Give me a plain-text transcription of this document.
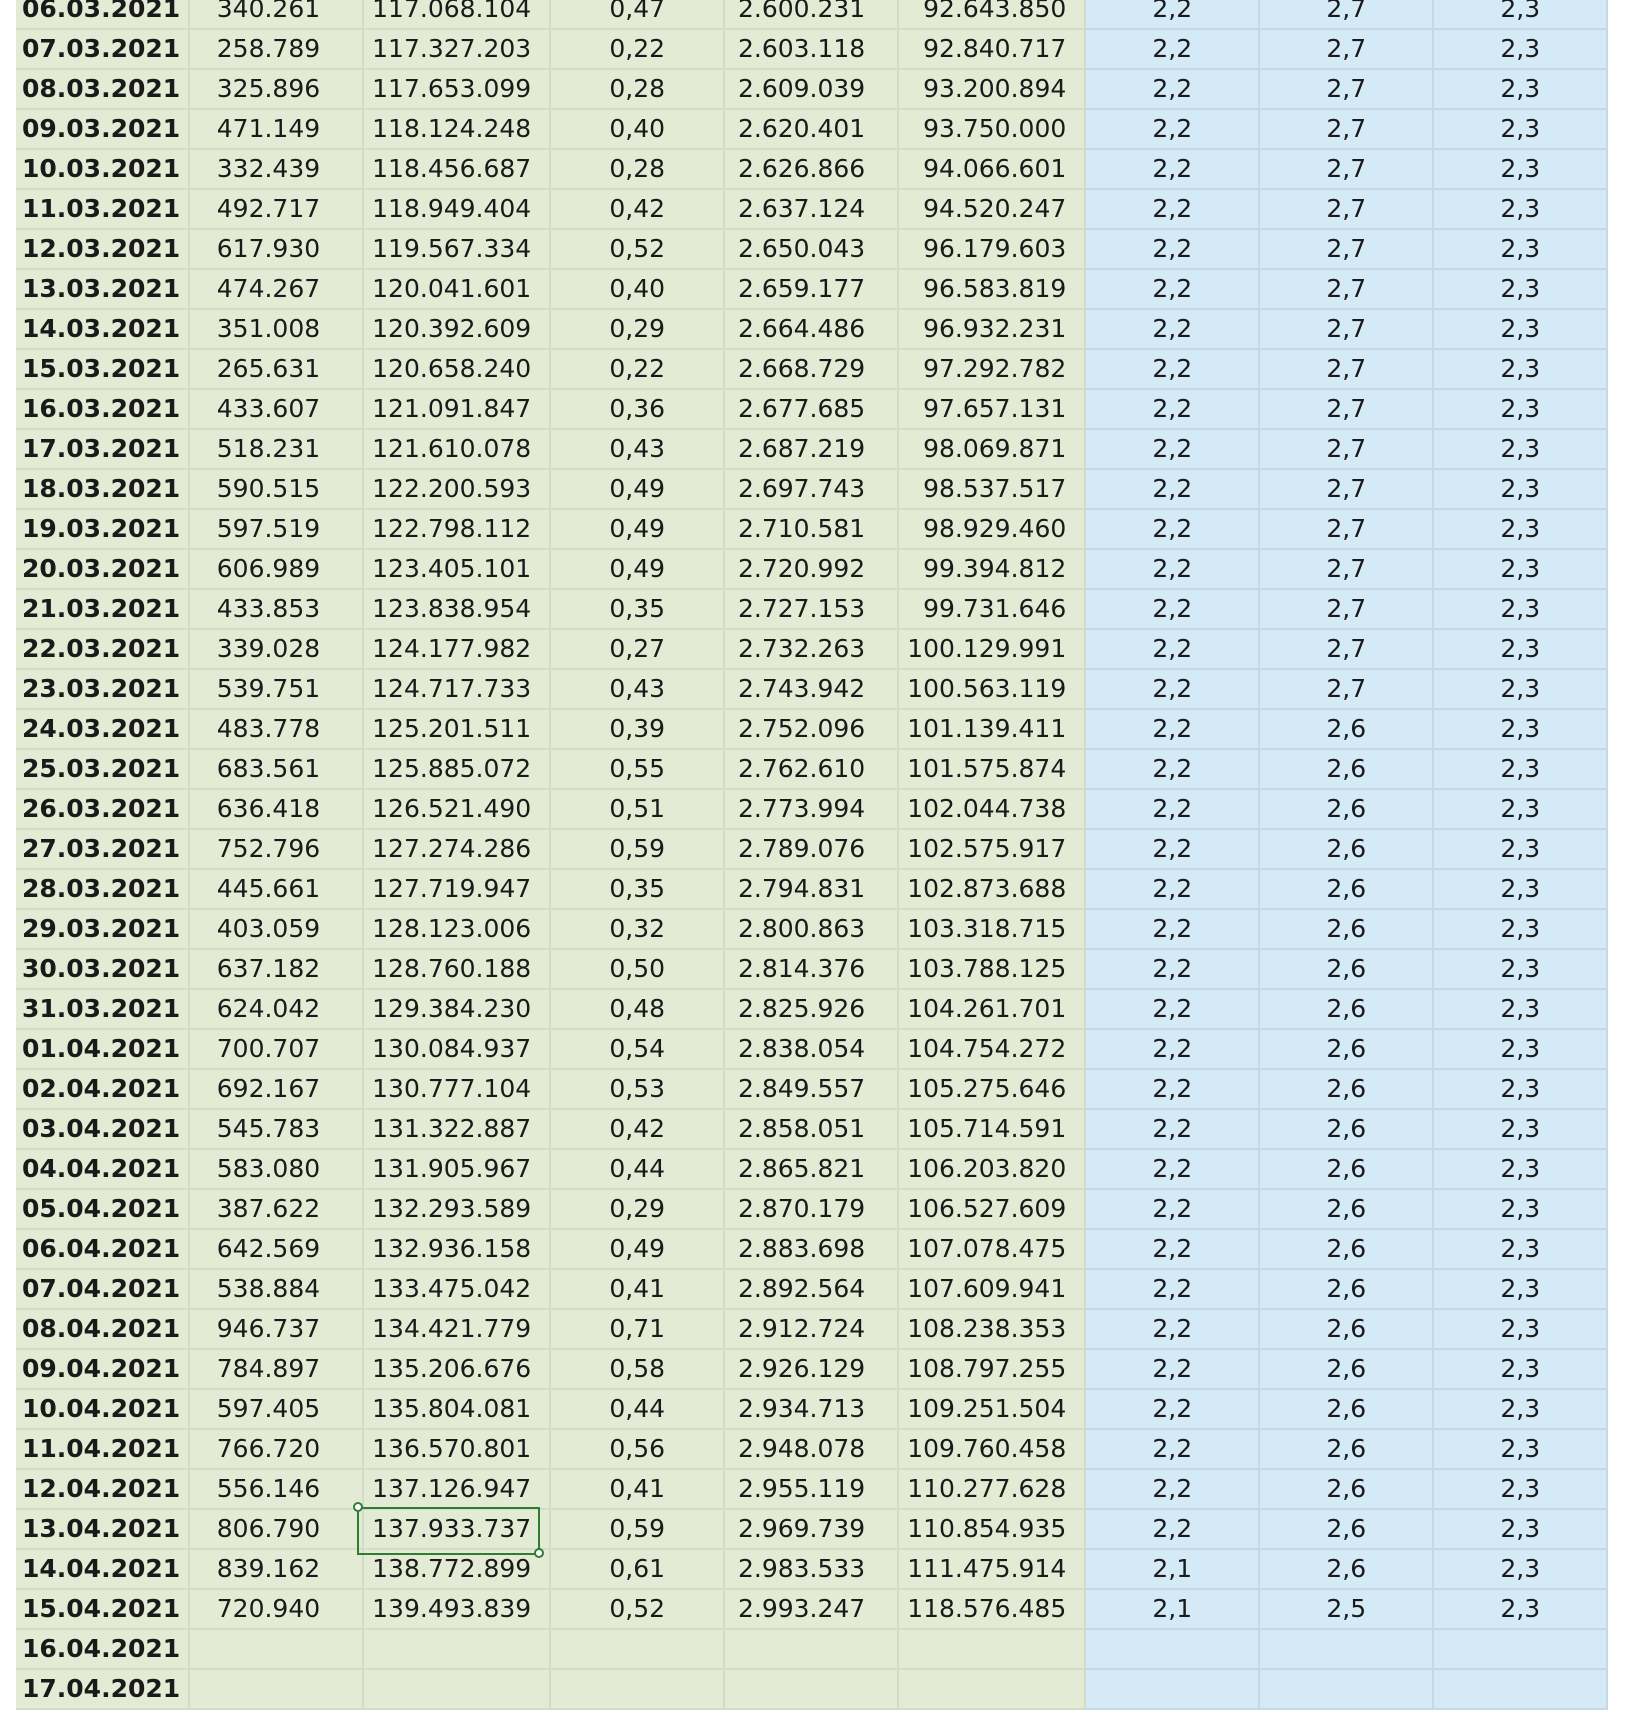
06.03.2021	340.261	117.068.104	0,47	2.600.231	92.643.850	2,2	2,7	2,3
07.03.2021	258.789	117.327.203	0,22	2.603.118	92.840.717	2,2	2,7	2,3
08.03.2021	325.896	117.653.099	0,28	2.609.039	93.200.894	2,2	2,7	2,3
09.03.2021	471.149	118.124.248	0,40	2.620.401	93.750.000	2,2	2,7	2,3
10.03.2021	332.439	118.456.687	0,28	2.626.866	94.066.601	2,2	2,7	2,3
11.03.2021	492.717	118.949.404	0,42	2.637.124	94.520.247	2,2	2,7	2,3
12.03.2021	617.930	119.567.334	0,52	2.650.043	96.179.603	2,2	2,7	2,3
13.03.2021	474.267	120.041.601	0,40	2.659.177	96.583.819	2,2	2,7	2,3
14.03.2021	351.008	120.392.609	0,29	2.664.486	96.932.231	2,2	2,7	2,3
15.03.2021	265.631	120.658.240	0,22	2.668.729	97.292.782	2,2	2,7	2,3
16.03.2021	433.607	121.091.847	0,36	2.677.685	97.657.131	2,2	2,7	2,3
17.03.2021	518.231	121.610.078	0,43	2.687.219	98.069.871	2,2	2,7	2,3
18.03.2021	590.515	122.200.593	0,49	2.697.743	98.537.517	2,2	2,7	2,3
19.03.2021	597.519	122.798.112	0,49	2.710.581	98.929.460	2,2	2,7	2,3
20.03.2021	606.989	123.405.101	0,49	2.720.992	99.394.812	2,2	2,7	2,3
21.03.2021	433.853	123.838.954	0,35	2.727.153	99.731.646	2,2	2,7	2,3
22.03.2021	339.028	124.177.982	0,27	2.732.263	100.129.991	2,2	2,7	2,3
23.03.2021	539.751	124.717.733	0,43	2.743.942	100.563.119	2,2	2,7	2,3
24.03.2021	483.778	125.201.511	0,39	2.752.096	101.139.411	2,2	2,6	2,3
25.03.2021	683.561	125.885.072	0,55	2.762.610	101.575.874	2,2	2,6	2,3
26.03.2021	636.418	126.521.490	0,51	2.773.994	102.044.738	2,2	2,6	2,3
27.03.2021	752.796	127.274.286	0,59	2.789.076	102.575.917	2,2	2,6	2,3
28.03.2021	445.661	127.719.947	0,35	2.794.831	102.873.688	2,2	2,6	2,3
29.03.2021	403.059	128.123.006	0,32	2.800.863	103.318.715	2,2	2,6	2,3
30.03.2021	637.182	128.760.188	0,50	2.814.376	103.788.125	2,2	2,6	2,3
31.03.2021	624.042	129.384.230	0,48	2.825.926	104.261.701	2,2	2,6	2,3
01.04.2021	700.707	130.084.937	0,54	2.838.054	104.754.272	2,2	2,6	2,3
02.04.2021	692.167	130.777.104	0,53	2.849.557	105.275.646	2,2	2,6	2,3
03.04.2021	545.783	131.322.887	0,42	2.858.051	105.714.591	2,2	2,6	2,3
04.04.2021	583.080	131.905.967	0,44	2.865.821	106.203.820	2,2	2,6	2,3
05.04.2021	387.622	132.293.589	0,29	2.870.179	106.527.609	2,2	2,6	2,3
06.04.2021	642.569	132.936.158	0,49	2.883.698	107.078.475	2,2	2,6	2,3
07.04.2021	538.884	133.475.042	0,41	2.892.564	107.609.941	2,2	2,6	2,3
08.04.2021	946.737	134.421.779	0,71	2.912.724	108.238.353	2,2	2,6	2,3
09.04.2021	784.897	135.206.676	0,58	2.926.129	108.797.255	2,2	2,6	2,3
10.04.2021	597.405	135.804.081	0,44	2.934.713	109.251.504	2,2	2,6	2,3
11.04.2021	766.720	136.570.801	0,56	2.948.078	109.760.458	2,2	2,6	2,3
12.04.2021	556.146	137.126.947	0,41	2.955.119	110.277.628	2,2	2,6	2,3
13.04.2021	806.790	137.933.737	0,59	2.969.739	110.854.935	2,2	2,6	2,3
14.04.2021	839.162	138.772.899	0,61	2.983.533	111.475.914	2,1	2,6	2,3
15.04.2021	720.940	139.493.839	0,52	2.993.247	118.576.485	2,1	2,5	2,3
16.04.2021								
17.04.2021								
